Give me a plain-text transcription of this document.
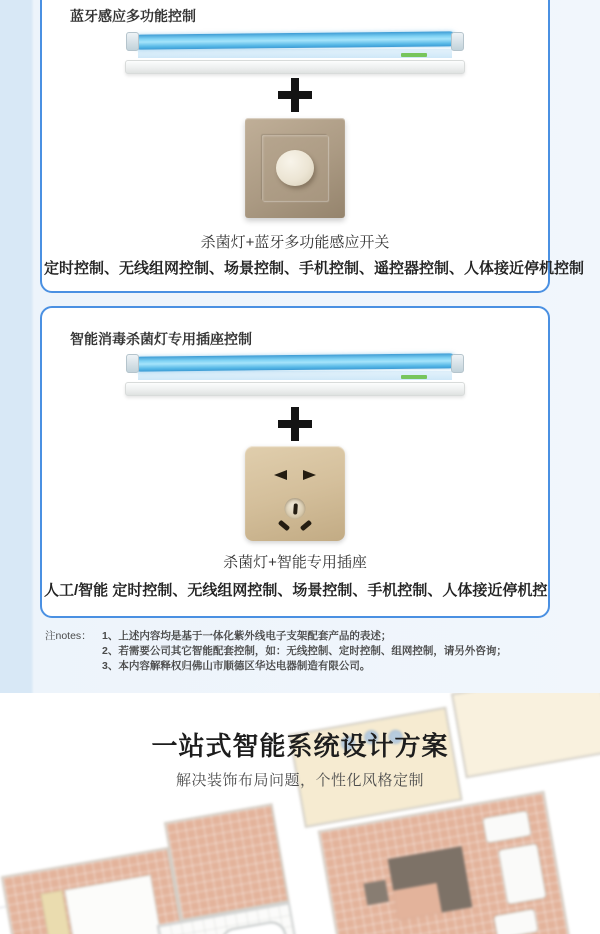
蓝牙感应多功能控制
杀菌灯+蓝牙多功能感应开关
定时控制、无线组网控制、场景控制、手机控制、遥控器控制、人体接近停机控制
智能消毒杀菌灯专用插座控制
杀菌灯+智能专用插座
人工/智能 定时控制、无线组网控制、场景控制、手机控制、人体接近停机控
注notes： 1、上述内容均是基于一体化紫外线电子支架配套产品的表述；
2、若需要公司其它智能配套控制，如：无线控制、定时控制、组网控制，请另外咨询；
3、本内容解释权归佛山市顺德区华达电器制造有限公司。
一站式智能系统设计方案
解决装饰布局问题，个性化风格定制
